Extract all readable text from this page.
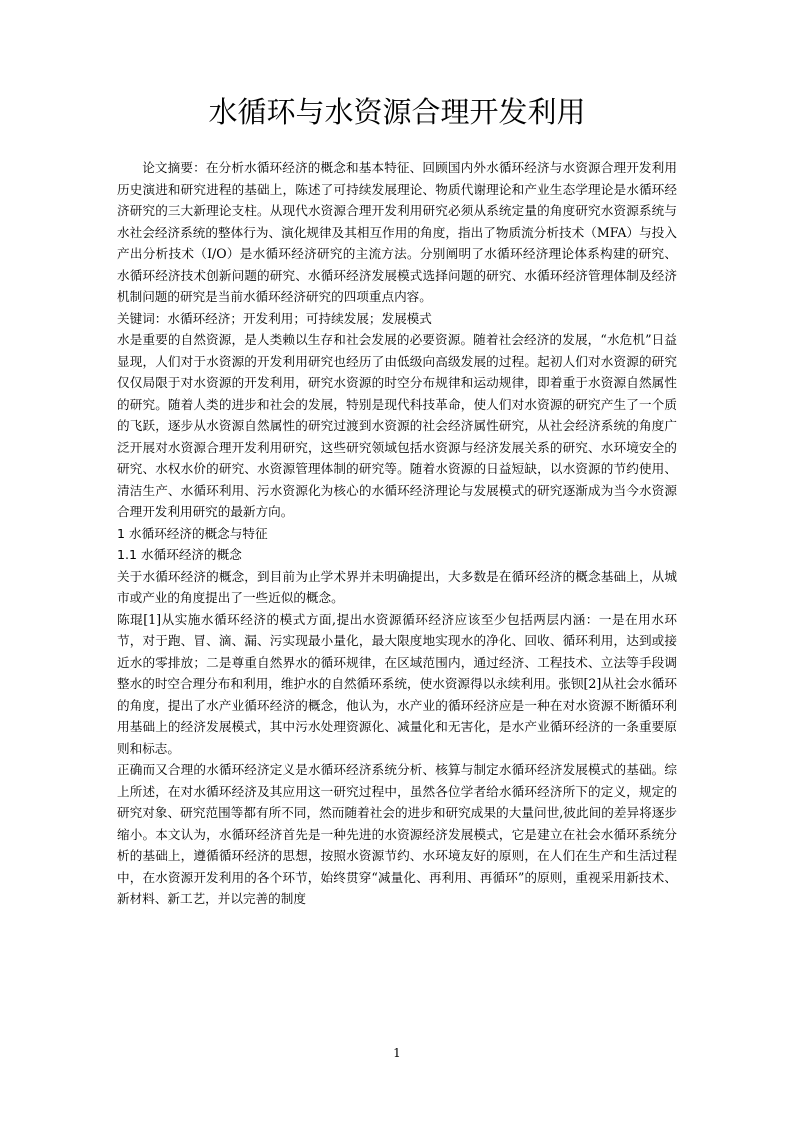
水循环与水资源合理开发利用

论文摘要：在分析水循环经济的概念和基本特征、回顾国内外水循环经济与水资源合理开发利用历史演进和研究进程的基础上，陈述了可持续发展理论、物质代谢理论和产业生态学理论是水循环经济研究的三大新理论支柱。从现代水资源合理开发利用研究必须从系统定量的角度研究水资源系统与水社会经济系统的整体行为、演化规律及其相互作用的角度，指出了物质流分析技术（MFA）与投入产出分析技术（I/O）是水循环经济研究的主流方法。分别阐明了水循环经济理论体系构建的研究、水循环经济技术创新问题的研究、水循环经济发展模式选择问题的研究、水循环经济管理体制及经济机制问题的研究是当前水循环经济研究的四项重点内容。

关键词：水循环经济；开发利用；可持续发展；发展模式

水是重要的自然资源，是人类赖以生存和社会发展的必要资源。随着社会经济的发展，“水危机”日益显现，人们对于水资源的开发利用研究也经历了由低级向高级发展的过程。起初人们对水资源的研究仅仅局限于对水资源的开发利用，研究水资源的时空分布规律和运动规律，即着重于水资源自然属性的研究。随着人类的进步和社会的发展，特别是现代科技革命，使人们对水资源的研究产生了一个质的飞跃，逐步从水资源自然属性的研究过渡到水资源的社会经济属性研究，从社会经济系统的角度广泛开展对水资源合理开发利用研究，这些研究领域包括水资源与经济发展关系的研究、水环境安全的研究、水权水价的研究、水资源管理体制的研究等。随着水资源的日益短缺，以水资源的节约使用、清洁生产、水循环利用、污水资源化为核心的水循环经济理论与发展模式的研究逐渐成为当今水资源合理开发利用研究的最新方向。

1 水循环经济的概念与特征

1.1 水循环经济的概念

关于水循环经济的概念，到目前为止学术界并未明确提出，大多数是在循环经济的概念基础上，从城市或产业的角度提出了一些近似的概念。

陈琨[1]从实施水循环经济的模式方面,提出水资源循环经济应该至少包括两层内涵：一是在用水环节，对于跑、冒、滴、漏、污实现最小量化，最大限度地实现水的净化、回收、循环利用，达到或接近水的零排放；二是尊重自然界水的循环规律，在区域范围内，通过经济、工程技术、立法等手段调整水的时空合理分布和利用，维护水的自然循环系统，使水资源得以永续利用。张钡[2]从社会水循环的角度，提出了水产业循环经济的概念，他认为，水产业的循环经济应是一种在对水资源不断循环利用基础上的经济发展模式，其中污水处理资源化、减量化和无害化，是水产业循环经济的一条重要原则和标志。

正确而又合理的水循环经济定义是水循环经济系统分析、核算与制定水循环经济发展模式的基础。综上所述，在对水循环经济及其应用这一研究过程中，虽然各位学者给水循环经济所下的定义，规定的研究对象、研究范围等都有所不同，然而随着社会的进步和研究成果的大量问世,彼此间的差异将逐步缩小。本文认为，水循环经济首先是一种先进的水资源经济发展模式，它是建立在社会水循环系统分析的基础上，遵循循环经济的思想，按照水资源节约、水环境友好的原则，在人们在生产和生活过程中，在水资源开发利用的各个环节，始终贯穿“减量化、再利用、再循环”的原则，重视采用新技术、新材料、新工艺，并以完善的制度

1
